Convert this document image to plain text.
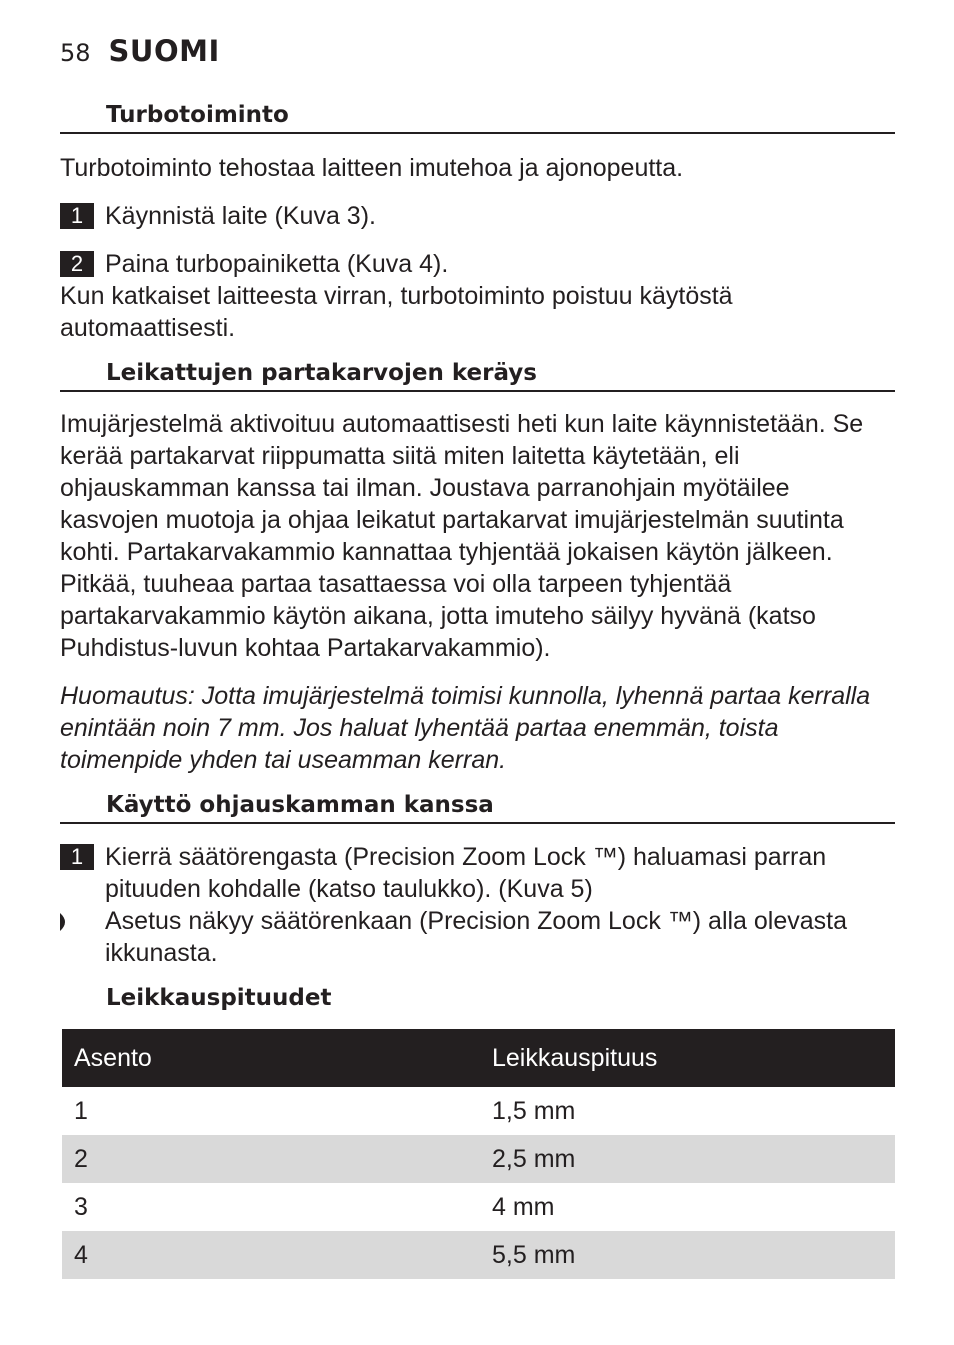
58 SUOMI
Turbotoiminto
Turbotoiminto tehostaa laitteen imutehoa ja ajonopeutta.
1 Käynnistä laite (Kuva 3).
2 Paina turbopainiketta (Kuva 4).
Kun katkaiset laitteesta virran, turbotoiminto poistuu käytöstä automaattisesti.
Leikattujen partakarvojen keräys
Imujärjestelmä aktivoituu automaattisesti heti kun laite käynnistetään. Se kerää partakarvat riippumatta siitä miten laitetta käytetään, eli ohjauskamman kanssa tai ilman. Joustava parranohjain myötäilee kasvojen muotoja ja ohjaa leikatut partakarvat imujärjestelmän suutinta kohti. Partakarvakammio kannattaa tyhjentää jokaisen käytön jälkeen. Pitkää, tuuheaa partaa tasattaessa voi olla tarpeen tyhjentää partakarvakammio käytön aikana, jotta imuteho säilyy hyvänä (katso Puhdistus-luvun kohtaa Partakarvakammio).
Huomautus: Jotta imujärjestelmä toimisi kunnolla, lyhennä partaa kerralla enintään noin 7 mm. Jos haluat lyhentää partaa enemmän, toista toimenpide yhden tai useamman kerran.
Käyttö ohjauskamman kanssa
1 Kierrä säätörengasta (Precision Zoom Lock ™) haluamasi parran pituuden kohdalle (katso taulukko). (Kuva 5)
Asetus näkyy säätörenkaan (Precision Zoom Lock ™) alla olevasta ikkunasta.
Leikkauspituudet
Asento	Leikkauspituus
1	1,5 mm
2	2,5 mm
3	4 mm
4	5,5 mm
